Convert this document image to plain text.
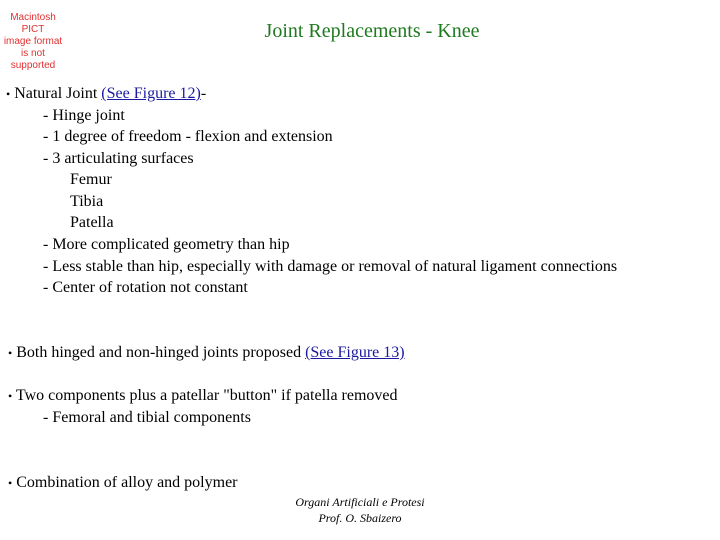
Macintosh PICT
image format
is not supported
Joint Replacements - Knee
• Natural Joint (See Figure 12)-
- Hinge joint
- 1 degree of freedom - flexion and extension
- 3 articulating surfaces
Femur
Tibia
Patella
- More complicated geometry than hip
- Less stable than hip, especially with damage or removal of natural ligament connections
- Center of rotation not constant
• Both hinged and non-hinged joints proposed (See Figure 13)
• Two components plus a patellar "button" if patella removed
- Femoral and tibial components
• Combination of alloy and polymer
Organi Artificiali e Protesi
Prof. O. Sbaizero
